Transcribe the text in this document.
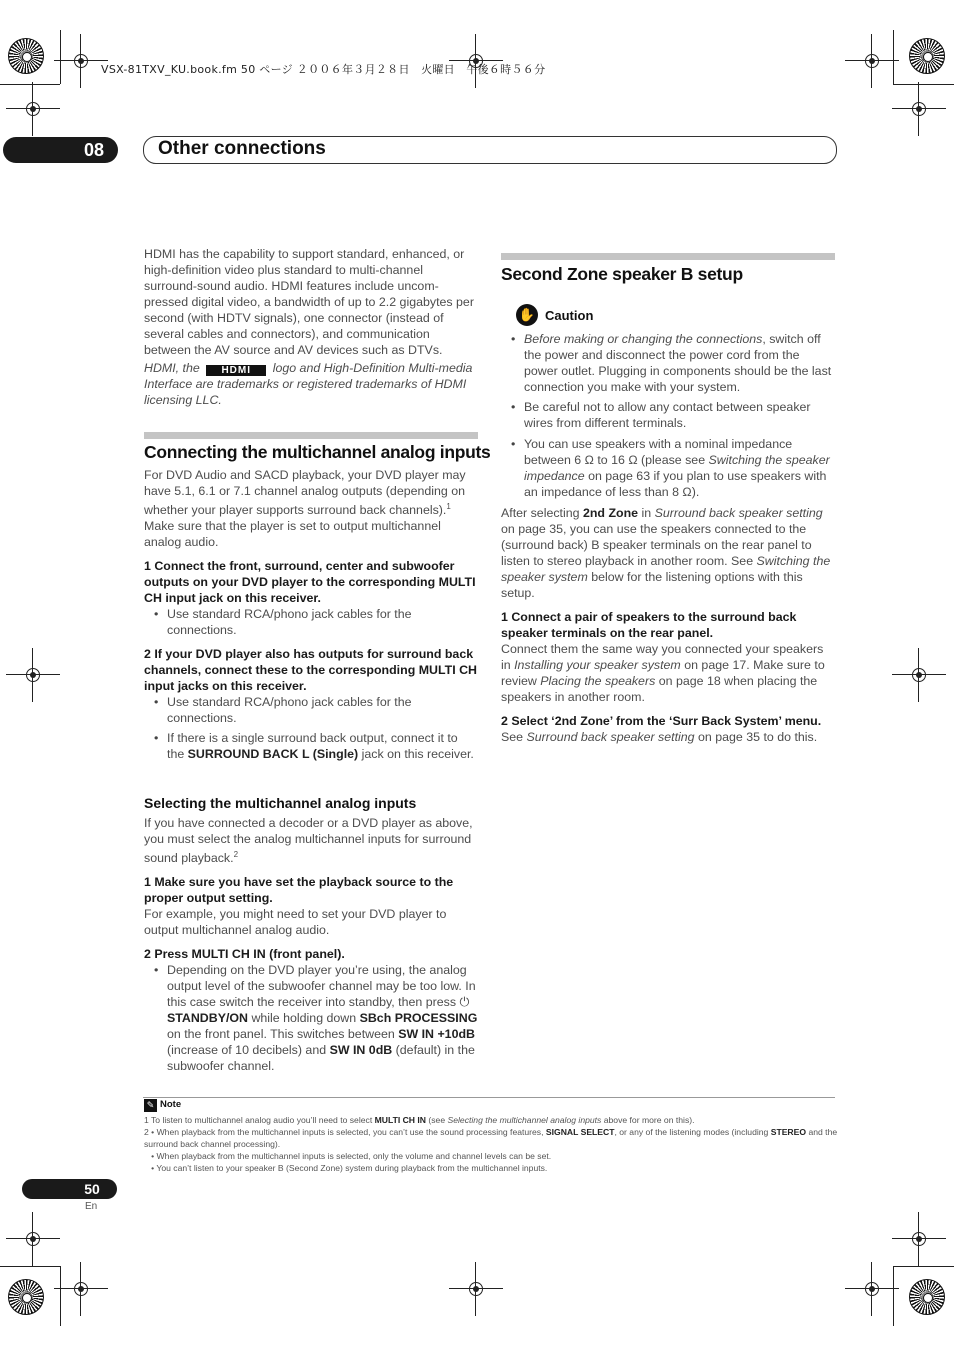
VSX-81TXV_KU.book.fm 50 ページ ２００６年３月２８日　火曜日　午後６時５６分
08	Other connections

HDMI has the capability to support standard, enhanced, or high-definition video plus standard to multi-channel surround-sound audio. HDMI features include uncom-pressed digital video, a bandwidth of up to 2.2 gigabytes per second (with HDTV signals), one connector (instead of several cables and connectors), and communication between the AV source and AV devices such as DTVs.

HDMI, the HDMI logo and High-Definition Multi-media Interface are trademarks or registered trademarks of HDMI licensing LLC.

Connecting the multichannel analog inputs

For DVD Audio and SACD playback, your DVD player may have 5.1, 6.1 or 7.1 channel analog outputs (depending on whether your player supports surround back channels).$^1$ Make sure that the player is set to output multichannel analog audio.

1 Connect the front, surround, center and subwoofer outputs on your DVD player to the corresponding MULTI CH input jack on this receiver.

• Use standard RCA/phono jack cables for the connections.

2 If your DVD player also has outputs for surround back channels, connect these to the corresponding MULTI CH input jacks on this receiver.

• Use standard RCA/phono jack cables for the connections.

• If there is a single surround back output, connect it to the SURROUND BACK L (Single) jack on this receiver.

Selecting the multichannel analog inputs

If you have connected a decoder or a DVD player as above, you must select the analog multichannel inputs for surround sound playback.$^2$

1 Make sure you have set the playback source to the proper output setting.

For example, you might need to set your DVD player to output multichannel analog audio.

2 Press MULTI CH IN (front panel).

• Depending on the DVD player you’re using, the analog output level of the subwoofer channel may be too low. In this case switch the receiver into standby, then press ⏻ STANDBY/ON while holding down SBch PROCESSING on the front panel. This switches between SW IN +10dB (increase of 10 decibels) and SW IN 0dB (default) in the subwoofer channel.

Second Zone speaker B setup
✋ Caution

• Before making or changing the connections, switch off the power and disconnect the power cord from the power outlet. Plugging in components should be the last connection you make with your system.

• Be careful not to allow any contact between speaker wires from different terminals.

• You can use speakers with a nominal impedance between 6 Ω to 16 Ω (please see Switching the speaker impedance on page 63 if you plan to use speakers with an impedance of less than 8 Ω).

After selecting 2nd Zone in Surround back speaker setting on page 35, you can use the speakers connected to the (surround back) B speaker terminals on the rear panel to listen to stereo playback in another room. See Switching the speaker system below for the listening options with this setup.

1 Connect a pair of speakers to the surround back speaker terminals on the rear panel.

Connect them the same way you connected your speakers in Installing your speaker system on page 17. Make sure to review Placing the speakers on page 18 when placing the speakers in another room.

2 Select ‘2nd Zone’ from the ‘Surr Back System’ menu.

See Surround back speaker setting on page 35 to do this.

✎ Note

1 To listen to multichannel analog audio you’ll need to select MULTI CH IN (see Selecting the multichannel analog inputs above for more on this).

2 • When playback from the multichannel inputs is selected, you can’t use the sound processing features, SIGNAL SELECT, or any of the listening modes (including STEREO and the surround back channel processing).

• When playback from the multichannel inputs is selected, only the volume and channel levels can be set.

• You can’t listen to your speaker B (Second Zone) system during playback from the multichannel inputs.

50
En
